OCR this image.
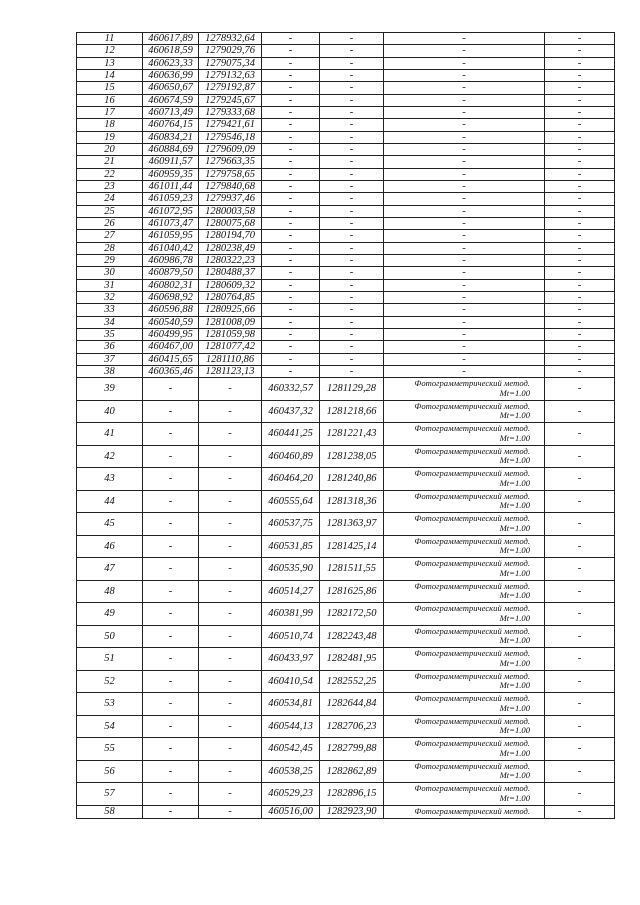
11	460617,89	1278932,64	-	-	-	-
12	460618,59	1279029,76	-	-	-	-
13	460623,33	1279075,34	-	-	-	-
14	460636,99	1279132,63	-	-	-	-
15	460650,67	1279192,87	-	-	-	-
16	460674,59	1279245,67	-	-	-	-
17	460713,49	1279333,68	-	-	-	-
18	460764,15	1279421,61	-	-	-	-
19	460834,21	1279546,18	-	-	-	-
20	460884,69	1279609,09	-	-	-	-
21	460911,57	1279663,35	-	-	-	-
22	460959,35	1279758,65	-	-	-	-
23	461011,44	1279840,68	-	-	-	-
24	461059,23	1279937,46	-	-	-	-
25	461072,95	1280003,58	-	-	-	-
26	461073,47	1280075,68	-	-	-	-
27	461059,95	1280194,70	-	-	-	-
28	461040,42	1280238,49	-	-	-	-
29	460986,78	1280322,23	-	-	-	-
30	460879,50	1280488,37	-	-	-	-
31	460802,31	1280609,32	-	-	-	-
32	460698,92	1280764,85	-	-	-	-
33	460596,88	1280925,66	-	-	-	-
34	460540,59	1281008,09	-	-	-	-
35	460499,95	1281059,98	-	-	-	-
36	460467,00	1281077,42	-	-	-	-
37	460415,65	1281110,86	-	-	-	-
38	460365,46	1281123,13	-	-	-	-
39	-	-	460332,57	1281129,28	Фотограмметрический метод.
Mt=1.00	-
40	-	-	460437,32	1281218,66	Фотограмметрический метод.
Mt=1.00	-
41	-	-	460441,25	1281221,43	Фотограмметрический метод.
Mt=1.00	-
42	-	-	460460,89	1281238,05	Фотограмметрический метод.
Mt=1.00	-
43	-	-	460464,20	1281240,86	Фотограмметрический метод.
Mt=1.00	-
44	-	-	460555,64	1281318,36	Фотограмметрический метод.
Mt=1.00	-
45	-	-	460537,75	1281363,97	Фотограмметрический метод.
Mt=1.00	-
46	-	-	460531,85	1281425,14	Фотограмметрический метод.
Mt=1.00	-
47	-	-	460535,90	1281511,55	Фотограмметрический метод.
Mt=1.00	-
48	-	-	460514,27	1281625,86	Фотограмметрический метод.
Mt=1.00	-
49	-	-	460381,99	1282172,50	Фотограмметрический метод.
Mt=1.00	-
50	-	-	460510,74	1282243,48	Фотограмметрический метод.
Mt=1.00	-
51	-	-	460433,97	1282481,95	Фотограмметрический метод.
Mt=1.00	-
52	-	-	460410,54	1282552,25	Фотограмметрический метод.
Mt=1.00	-
53	-	-	460534,81	1282644,84	Фотограмметрический метод.
Mt=1.00	-
54	-	-	460544,13	1282706,23	Фотограмметрический метод.
Mt=1.00	-
55	-	-	460542,45	1282799,88	Фотограмметрический метод.
Mt=1.00	-
56	-	-	460538,25	1282862,89	Фотограмметрический метод.
Mt=1.00	-
57	-	-	460529,23	1282896,15	Фотограмметрический метод.
Mt=1.00	-
58	-	-	460516,00	1282923,90	Фотограмметрический метод.	-
